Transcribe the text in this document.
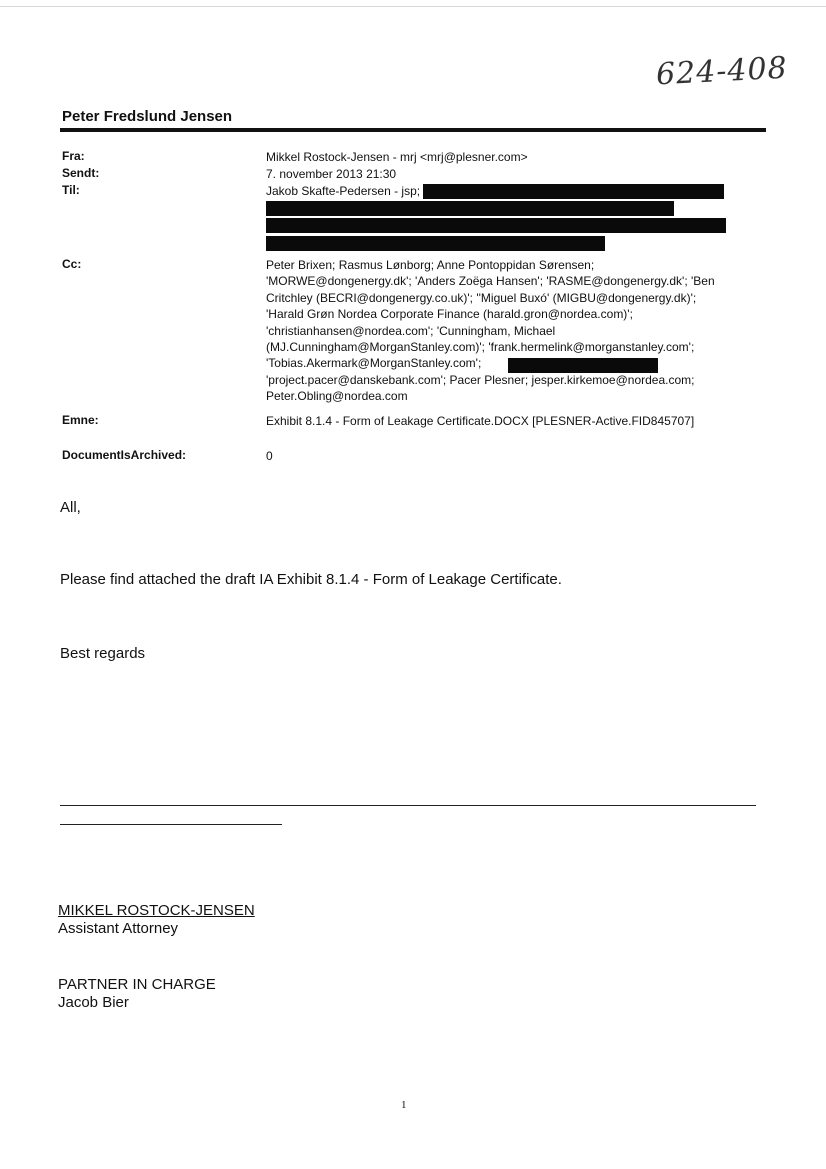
624-408
Peter Fredslund Jensen
Fra:	Mikkel Rostock-Jensen - mrj <mrj@plesner.com>
Sendt:	7. november 2013 21:30
Til:	Jakob Skafte-Pedersen - jsp;
Cc:	Peter Brixen; Rasmus Lønborg; Anne Pontoppidan Sørensen;
'MORWE@dongenergy.dk'; 'Anders Zoëga Hansen'; 'RASME@dongenergy.dk'; 'Ben
Critchley (BECRI@dongenergy.co.uk)'; ''Miguel Buxó' (MIGBU@dongenergy.dk)';
'Harald Grøn Nordea Corporate Finance (harald.gron@nordea.com)';
'christianhansen@nordea.com'; 'Cunningham, Michael
(MJ.Cunningham@MorganStanley.com)'; 'frank.hermelink@morganstanley.com';
'Tobias.Akermark@MorganStanley.com';
'project.pacer@danskebank.com'; Pacer Plesner; jesper.kirkemoe@nordea.com;
Peter.Obling@nordea.com
Emne:	Exhibit 8.1.4 - Form of Leakage Certificate.DOCX [PLESNER-Active.FID845707]
DocumentIsArchived:	0
All,
Please find attached the draft IA Exhibit 8.1.4 - Form of Leakage Certificate.
Best regards
MIKKEL ROSTOCK-JENSEN
Assistant Attorney
PARTNER IN CHARGE
Jacob Bier
1
